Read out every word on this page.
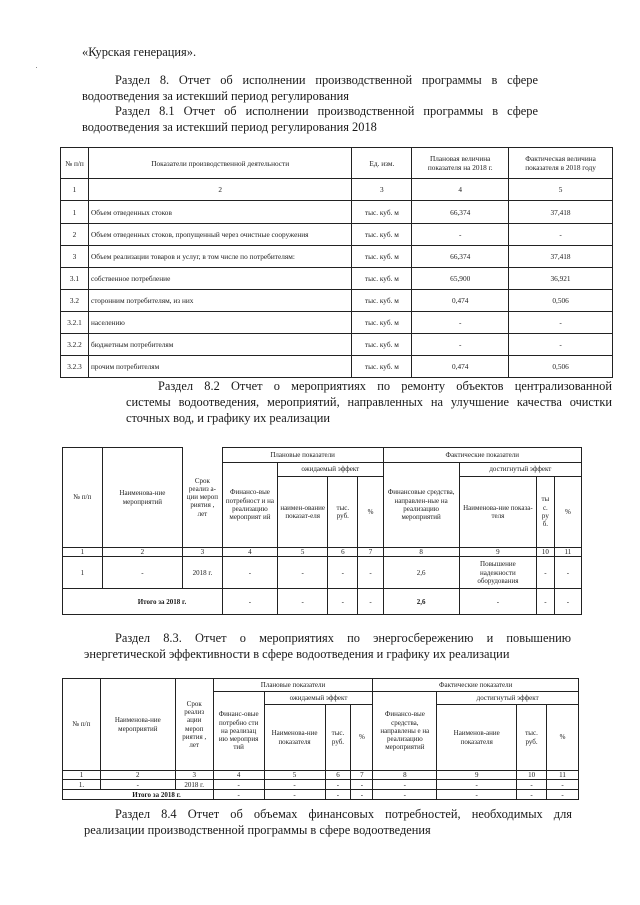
«Курская генерация».
Раздел 8. Отчет об исполнении производственной программы в сфере
водоотведения за истекший период регулирования
Раздел 8.1 Отчет об исполнении производственной программы в сфере
водоотведения за истекший период регулирования 2018
№ п/п	Показатели производственной деятельности	Ед. изм.	Плановая величина показателя на 2018 г.	Фактическая величина показателя в 2018 году
1	2	3	4	5
1	Объем отведенных стоков	тыс. куб. м	66,374	37,418
2	Объем отведенных стоков, пропущенный через очистные сооружения	тыс. куб. м	-	-
3	Объем реализации товаров и услуг, в том числе по потребителям:	тыс. куб. м	66,374	37,418
3.1	собственное потребление	тыс. куб. м	65,900	36,921
3.2	сторонним потребителям, из них	тыс. куб. м	0,474	0,506
3.2.1	населению	тыс. куб. м	-	-
3.2.2	бюджетным потребителям	тыс. куб. м	-	-
3.2.3	прочим потребителям	тыс. куб. м	0,474	0,506
Раздел 8.2 Отчет о мероприятиях по ремонту объектов централизованной
системы водоотведения, мероприятий, направленных на улучшение качества очистки
сточных вод, и графику их реализации
№ п/п	Наименова-ние мероприятий	Срок реализ а-ции мероп риятия , лет	Плановые показатели				Фактические показатели			
			Финансо-вые потребност и на реализацию мероприят ий	ожидаемый эффект			Финансовые средства, направлен-ные на реализацию мероприятий	достигнутый эффект		
				наимен-ование показат-еля	тыс. руб.	%		Наименова-ние показа-теля	ты с. ру б.	%
1	2	3	4	5	6	7	8	9	10	11
1	-	2018 г.	-	-	-	-	2,6	Повышение надежности оборудования	-	-
	Итого за 2018 г.		-	-	-	-	2,6	-	-	-
Раздел 8.3. Отчет о мероприятиях по энергосбережению и повышению
энергетической эффективности в сфере водоотведения и графику их реализации
№ п/п	Наименова-ние мероприятий	Срок реализ ации мероп риятия , лет	Плановые показатели				Фактические показатели			
			Финанс-овые потребно сти на реализац ию мероприя тий	ожидаемый эффект			Финансо-вые средства, направлены е на реализацию мероприятий	достигнутый эффект		
				Наименова-ние показателя	тыс. руб.	%		Наименов-ание показателя	тыс. руб.	%
1	2	3	4	5	6	7	8	9	10	11
1.	-	2018 г.	-	-	-	-	-	-	-	-
	Итого за 2018 г.		-	-	-	-	-	-	-	-
Раздел 8.4 Отчет об объемах финансовых потребностей, необходимых для
реализации производственной программы в сфере водоотведения
